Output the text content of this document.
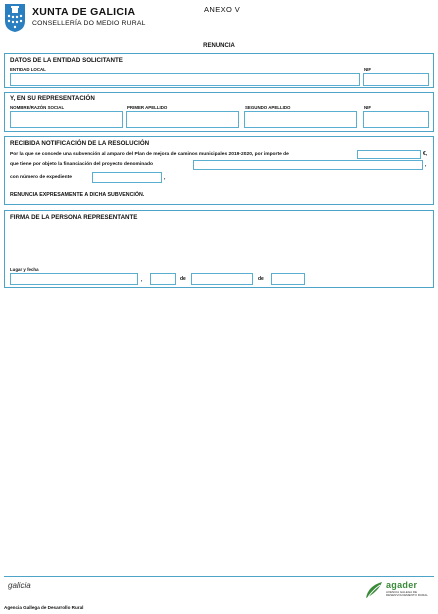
XUNTA DE GALICIA
CONSELLERÍA DO MEDIO RURAL
ANEXO V
RENUNCIA
DATOS DE LA ENTIDAD SOLICITANTE
ENTIDAD LOCAL	NIF
Y, EN SU REPRESENTACIÓN
NOMBRE/RAZÓN SOCIAL	PRIMER APELLIDO	SEGUNDO APELLIDO	NIF
RECIBIDA NOTIFICACIÓN DE LA RESOLUCIÓN
Por la que se concede una subvención al amparo del Plan de mejora de caminos municipales 2019-2020, por importe de	€,
que tiene por objeto la financiación del proyecto denominado	,
con número de expediente	,
RENUNCIA EXPRESAMENTE A DICHA SUBVENCIÓN.
FIRMA DE LA PERSONA REPRESENTANTE
Lugar y fecha
,	de	de
galicia	agader
AXENCIA GALEGA DE DESENVOLVEMENTO RURAL
Agencia Gallega de Desarrollo Rural
